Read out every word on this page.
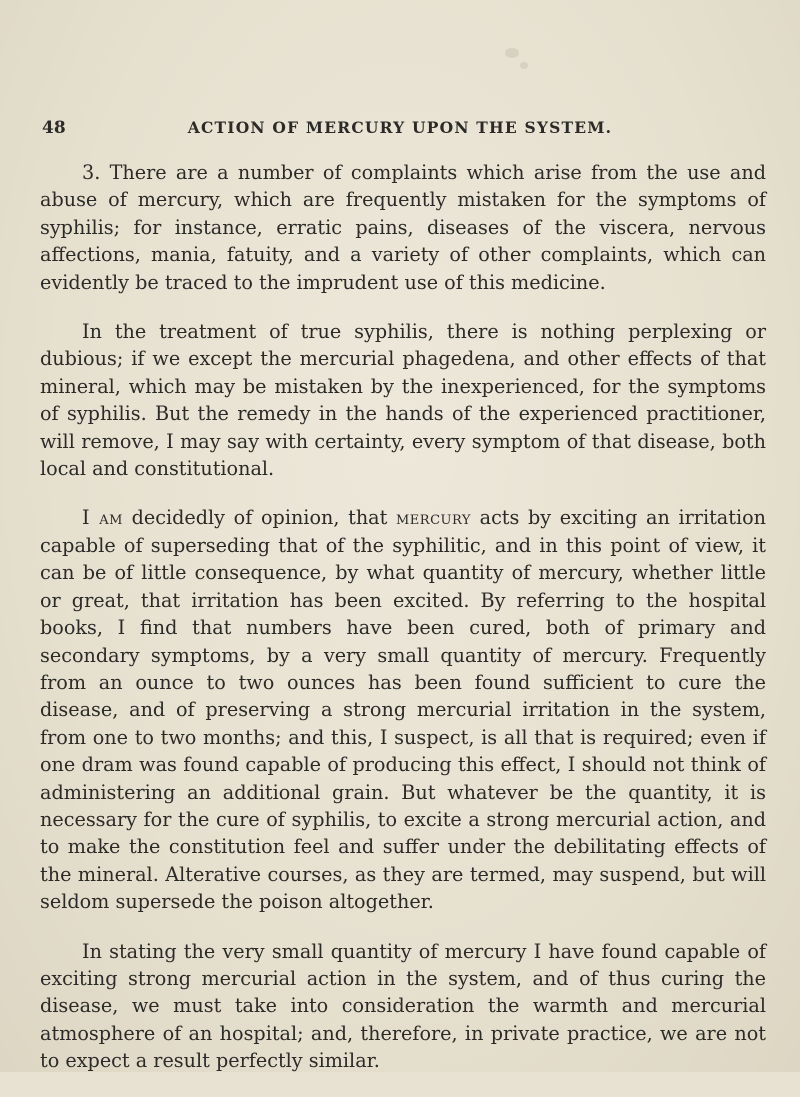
48	ACTION OF MERCURY UPON THE SYSTEM.

3. There are a number of complaints which arise from the use and abuse of mercury, which are frequently mistaken for the symptoms of syphilis; for instance, erratic pains, diseases of the viscera, nervous affections, mania, fatuity, and a variety of other complaints, which can evidently be traced to the imprudent use of this medicine.

In the treatment of true syphilis, there is nothing perplexing or dubious; if we except the mercurial phagedena, and other effects of that mineral, which may be mistaken by the inexperienced, for the symptoms of syphilis. But the remedy in the hands of the experienced practitioner, will remove, I may say with certainty, every symptom of that disease, both local and constitutional.

I am decidedly of opinion, that mercury acts by exciting an irritation capable of superseding that of the syphilitic, and in this point of view, it can be of little consequence, by what quantity of mercury, whether little or great, that irritation has been excited. By referring to the hospital books, I find that numbers have been cured, both of primary and secondary symptoms, by a very small quantity of mercury. Frequently from an ounce to two ounces has been found sufficient to cure the disease, and of preserving a strong mercurial irritation in the system, from one to two months; and this, I suspect, is all that is required; even if one dram was found capable of producing this effect, I should not think of administering an additional grain. But whatever be the quantity, it is necessary for the cure of syphilis, to excite a strong mercurial action, and to make the constitution feel and suffer under the debilitating effects of the mineral. Alterative courses, as they are termed, may suspend, but will seldom supersede the poison altogether.

In stating the very small quantity of mercury I have found capable of exciting strong mercurial action in the system, and of thus curing the disease, we must take into consideration the warmth and mercurial atmosphere of an hospital; and, therefore, in private practice, we are not to expect a result perfectly similar.
